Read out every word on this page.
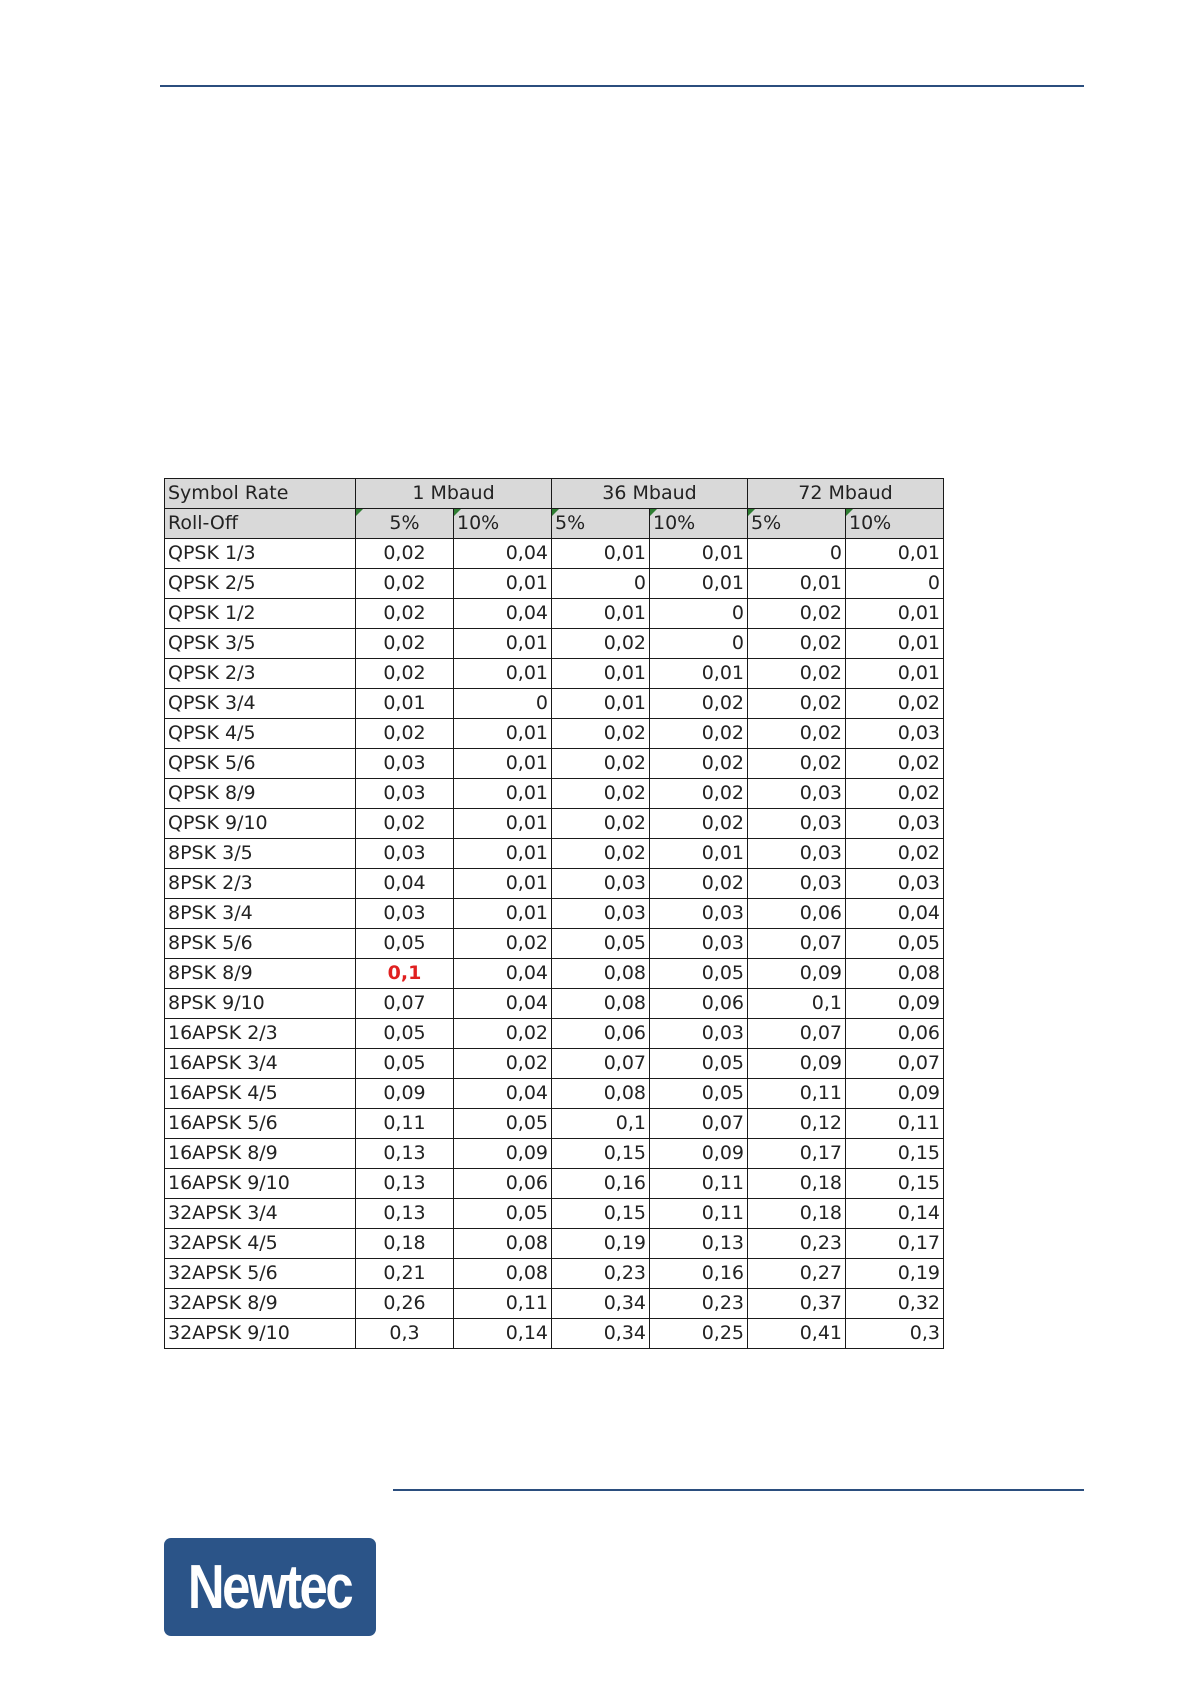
Symbol Rate	1 Mbaud		36 Mbaud		72 Mbaud	
Roll-Off	5%	10%	5%	10%	5%	10%
QPSK 1/3	0,02	0,04	0,01	0,01	0	0,01
QPSK 2/5	0,02	0,01	0	0,01	0,01	0
QPSK 1/2	0,02	0,04	0,01	0	0,02	0,01
QPSK 3/5	0,02	0,01	0,02	0	0,02	0,01
QPSK 2/3	0,02	0,01	0,01	0,01	0,02	0,01
QPSK 3/4	0,01	0	0,01	0,02	0,02	0,02
QPSK 4/5	0,02	0,01	0,02	0,02	0,02	0,03
QPSK 5/6	0,03	0,01	0,02	0,02	0,02	0,02
QPSK 8/9	0,03	0,01	0,02	0,02	0,03	0,02
QPSK 9/10	0,02	0,01	0,02	0,02	0,03	0,03
8PSK 3/5	0,03	0,01	0,02	0,01	0,03	0,02
8PSK 2/3	0,04	0,01	0,03	0,02	0,03	0,03
8PSK 3/4	0,03	0,01	0,03	0,03	0,06	0,04
8PSK 5/6	0,05	0,02	0,05	0,03	0,07	0,05
8PSK 8/9	0,1	0,04	0,08	0,05	0,09	0,08
8PSK 9/10	0,07	0,04	0,08	0,06	0,1	0,09
16APSK 2/3	0,05	0,02	0,06	0,03	0,07	0,06
16APSK 3/4	0,05	0,02	0,07	0,05	0,09	0,07
16APSK 4/5	0,09	0,04	0,08	0,05	0,11	0,09
16APSK 5/6	0,11	0,05	0,1	0,07	0,12	0,11
16APSK 8/9	0,13	0,09	0,15	0,09	0,17	0,15
16APSK 9/10	0,13	0,06	0,16	0,11	0,18	0,15
32APSK 3/4	0,13	0,05	0,15	0,11	0,18	0,14
32APSK 4/5	0,18	0,08	0,19	0,13	0,23	0,17
32APSK 5/6	0,21	0,08	0,23	0,16	0,27	0,19
32APSK 8/9	0,26	0,11	0,34	0,23	0,37	0,32
32APSK 9/10	0,3	0,14	0,34	0,25	0,41	0,3
Newtec
